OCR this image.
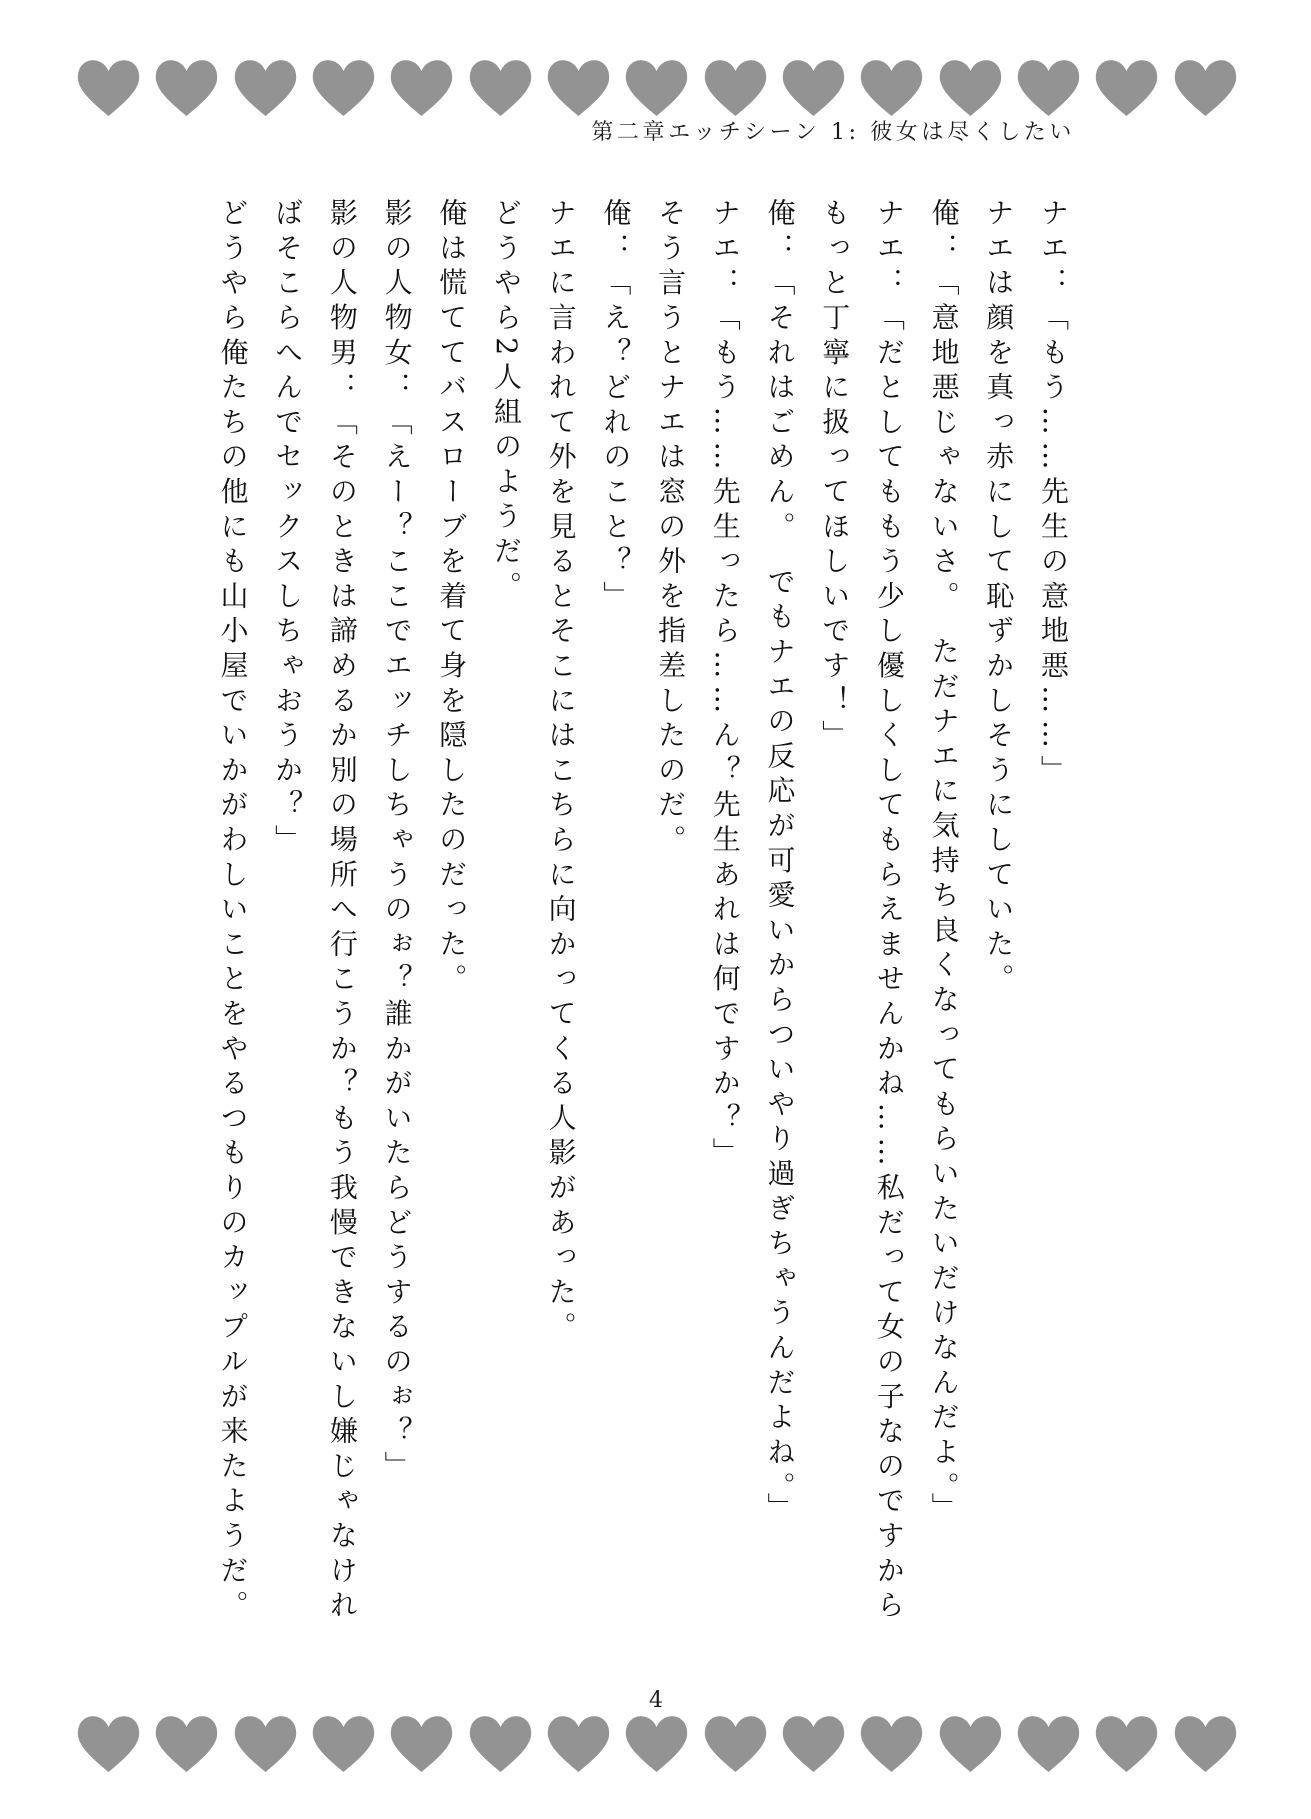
第二章エッチシーン 1: 彼女は尽くしたい

ナエ：「もう……先生の意地悪……」

ナエは顔を真っ赤にして恥ずかしそうにしていた。

俺：「意地悪じゃないさ。　ただナエに気持ち良くなってもらいたいだけなんだよ。」

ナエ：「だとしてももう少し優しくしてもらえませんかね……私だって女の子なのですから

もっと丁寧に扱ってほしいです！」

俺：「それはごめん。　でもナエの反応が可愛いからついやり過ぎちゃうんだよね。」

ナエ：「もう……先生ったら……ん？先生あれは何ですか？」

そう言うとナエは窓の外を指差したのだ。

俺：「え？どれのこと？」

ナエに言われて外を見るとそこにはこちらに向かってくる人影があった。

どうやら2人組のようだ。

俺は慌ててバスローブを着て身を隠したのだった。

影の人物女：「えー？ここでエッチしちゃうのぉ？誰かがいたらどうするのぉ？」

影の人物男：「そのときは諦めるか別の場所へ行こうか？もう我慢できないし嫌じゃなけれ

ばそこらへんでセックスしちゃおうか？」

どうやら俺たちの他にも山小屋でいかがわしいことをやるつもりのカップルが来たようだ。

4
